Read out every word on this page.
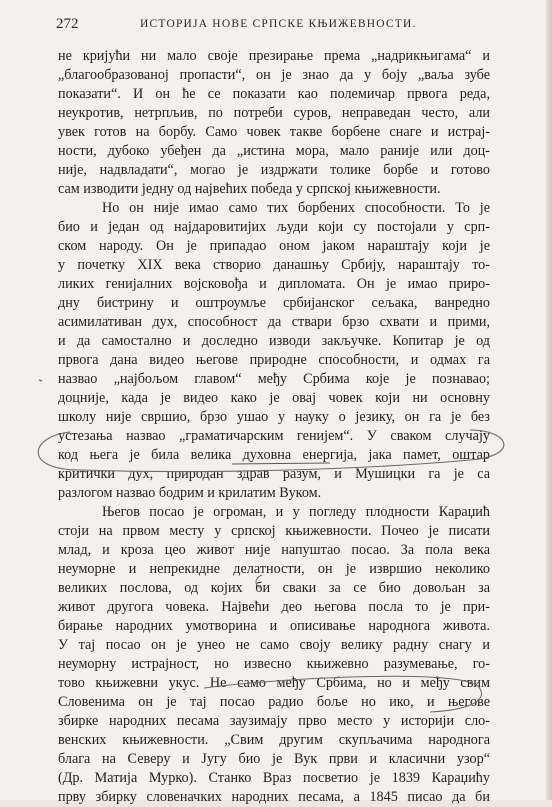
272	ИСТОРИЈА НОВЕ СРПСКЕ КЊИЖЕВНОСТИ.
не кријући ни мало своје презирање према „надрикњигама“ и
„благообразованој пропасти“, он је знао да у боју „ваља зубе
показати“. И он ће се показати као полемичар првога реда,
неукротив, нетрпљив, по потреби суров, неправедан често, али
увек готов на борбу. Само човек такве борбене снаге и истрај-
ности, дубоко убеђен да „истина мора, мало раније или доц-
није, надвладати“, могао је издржати толике борбе и готово
сам изводити једну од највећих победа у српској књижевности.
Но он није имао само тих борбених способности. То је
био и један од најдаровитијих људи који су постојали у срп-
ском народу. Он је припадао оном јаком нараштају који је
у почетку XIX века створио данашњу Србију, нараштају то-
ликих генијалних војсковођа и дипломата. Он је имао приро-
дну бистрину и оштроумље србијанског сељака, ванредно
асимилативан дух, способност да ствари брзо схвати и прими,
и да самостално и доследно изводи закључке. Копитар је од
првога дана видео његове природне способности, и одмах га
назвао „најбољом главом“ међу Србима које је познавао;
доцније, када је видео како је овај човек који ни основну
школу није свршио, брзо ушао у науку о језику, он га је без
устезања назвао „граматичарским генијем“. У сваком случају
код њега је била велика духовна енергија, јака памет, оштар
критички дух, природан здрав разум, и Мушицки га је са
разлогом назвао бодрим и крилатим Вуком.
Његов посао је огроман, и у погледу плодности Караџић
стоји на првом месту у српској књижевности. Почео је писати
млад, и кроза цео живот није напуштао посао. За пола века
неуморне и непрекидне делатности, он је извршио неколико
великих послова, од којих би сваки за се био довољан за
живот другога човека. Највећи део његова посла то је при-
бирање народних умотворина и описивање народнога живота.
У тај посао он је унео не само своју велику радну снагу и
неуморну истрајност, но извесно књижевно разумевање, го-
тово књижевни укус. Не само међу Србима, но и међу свим
Словенима он је тај посао радио боље но ико, и његове
збирке народних песама заузимају прво место у историји сло-
венских књижевности. „Свим другим скупљачима народнога
блага на Северу и Југу био је Вук први и класични узор“
(Др. Матија Мурко). Станко Враз посветио је 1839 Караџићу
прву збирку словеначких народних песама, а 1845 писао да би
